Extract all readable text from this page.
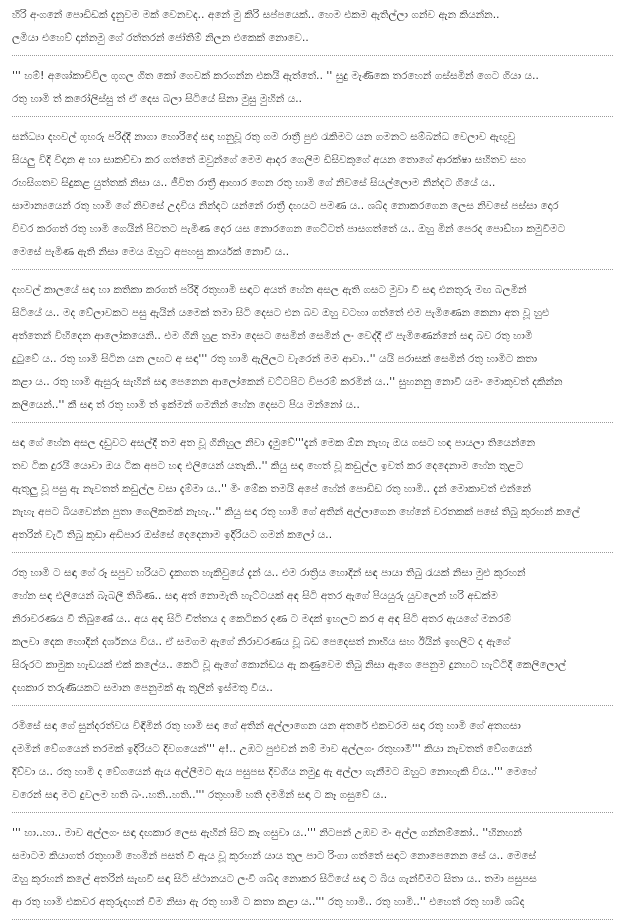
හිරි අංගනේ පොඩිඩක් දැනුවම මක් වෙනවද.. අනේ මු කිරි සප්පයෙක්.. හෙම එකම ඇතිල්ලා ගන්ව ඇන කියන්න..
ලමියා එහෙව් දාන්නමු ගේ රත්තරන් ජෝතිම් නිලන එකෙක් නොවෙ..
''' හම්! අශෝකාචිවිල ගුගල ගිත කෝ ගෙවක් කරගන්න එකයි ඇත්තේ.. '' සුදු මැණිකෙ තරහෙන් ගස්සමින් ගෙට ගියා ය..
රතු හාමි ත් කරෝලිස්සු ත් ඒ දෙස බලා සිටියේ සිනා මුසු මුහින් ය..
සන්ධ්‍යා දහවල් ගුහරු පරිද්දී නාගා හොරිදේ සඳා හනුවූ රතු ගම රාත්‍රී පුළු රැකිමට යන ගමනට සම්බන්ධ වෙලාව ඇඟුවු
සියලු විදි විදාන අ හා සාකච්චා කර ගත්තේ ඔවුන්ගේ මෙම ආදර ගෙලිම ඩිසිවකුගේ අයන තොගේ ආරක්ෂා සහිතව සහ
රහසිගතව සිදුකළ යුත්තක් නිසා ය.. ජීවිත රාත්‍රී ආහාර ගෙන රතු හාමි ගේ නිවසේ සියල්ලොම නින්දට ගියේ ය..
සාමාන්‍යයෙන් රතු හාමි ගේ නිවසේ උදවිය නින්දට යන්නේ රාත්‍රී දහයට පමණ ය.. ශබ්ද නොකරගෙන ලෙස නිවසේ පස්සා දොර
විවර කරගත් රතු හාමි ගෙයින් පිටතට පැමිණ දොර යස නොරගෙන ගෙට්ටත් පාසගත්තේ ය.. ඔහු මින් පෙරද පොඩ්හා කමුවීමට
මෙසේ පැමිණ ඇති නිසා මෙය ඔහුට අපහසු කාර්යක් නොවී ය..
දහවල් කාලයේ සඳා හා කතිකා කරගත් පරිදි රතුහාමි සඳාට අයත් හේන අසල ඇති ගසට මුවා වී සඳා එනතුරු මඟ බලමින්
සිටියේ ය.. මද වේලාවකට පසු ඇයින් යමෙක් තමා සිටි දෙසට එන බව ඔහු වටහා ගත්තේ එම පැමිණෙන කෙනා අත වූ හුළු
අත්තෙන් විහිදෙන ආලෝකයෙනි.. එම ගිනි හුළ තමා දෙසට සෙමින් සෙමින් ලං වෙද්දී ඒ පැමිණෙන්නේ සඳා බව රතු හාමි
දුටුවේ ය.. රතු හාමි සිටින යන ලඟට අ සඳා''' රතු හාමි ඇලිලට වැරෙන් මම ආවා..'' යයි පරාසක් සෙමින් රතු හාමිට කතා
කළා ය.. රතු හාමි ඇසුරු සැහින් සඳා පෙනෙන ආලෝකෙන් වට්ටපිට විපරම් කරමින් ය..'' සුහනනු නොවී යමං මොකුවත් දකින්න
කලියෙන්..'' කී සඳා ත් රතු හාමි ත් ඉක්මන් ගමනින් හේන දෙසට පිය මන්නෝ ය..
සඳා ගේ හේන අසල දඩුවට අසල්දී තම අත වූ ගිනිහුල නිවා දැමුවේ'''දැන් මෙක ඕන නැහැ ඔය ගසට හඳ පායලා තියෙන්නෙ
තව ටික දුරයි යොවා ඔය ටික අපට හඳ එලියෙන් යතැකි..'' කියු සඳා හෙත් වූ කඩුල්ල ඉවත් කර දෙදෙනාම හේන තුළට
ඇතුලු වූ පසු ඇ නැවතත් කඩුල්ල වසා දැම්මා ය..'' මිං මේක තමයි අපේ හේන් පොඩිඩ රතු හාමි.. දැන් මොකාවත් එන්නේ
නැහැ අපට බියවෙන්න පුතා ගෙලිකමක් නැහැ..'' කියු සඳා රතු හාමි ගේ අතින් අල්ලාගෙන හේනේ වරතකක් පසේ තිබු කුරහන් කලේ
අතරින් වැටී තිබු කුඩා අඩිපාර ඔස්සේ දෙදෙනාම ඉදිරියට ගමන් කලෝ ය..
රතු හාමි ට සඳා ගේ රූ සපුව හරියට දැකගත හැකිවුයේ දැන් ය.. එම රාත්‍රිය හොදින් සඳ පායා තිබු රැයක් නිසා මුළු කුරහන්
හේන සඳ එලියෙන් බැබලී තිබිණ.. සඳා අත් නොමැති හැට්ටයක් අඳ සිටි අතර ඇගේ පියයුරු යුවලෙන් හරි අඩක්ම
නිරාවරණය වී තිබුණේ ය.. අය අඳ සිටි චීත්තය ද කෙටිකර දණ ට මදක් ඉහලට කර අ අඳ සිටි අතර ඇයගේ මනරම්
කලවා දෙක හොදින් දර්ශනය විය.. ඒ සමගම ඇගේ නිරාවරණය වූ බඩ පෙදෙසත් නාභිය සහ ඊයින් ඉහලිට ද ඇගේ
සිරුරට කාමුක හැඩයක් එක් කලේය.. කෙටි වූ ඇගේ කොන්ඩය ඇ කණුවෙම තිබු නිසා ඇගෙ පෙනුම දුනහට හැට්ටිදී කෙලිලොල්
දඟකාර තරුණියකට සමාන පෙනුමක් ඇ තුලින් ඉස්මතු වීය..
රමිසේ සඳා ගේ සුන්දරත්වය විඳිමින් රතු හාමි සඳා ගේ අතින් අල්ලාගෙන යන අතරේ එකවරම සඳා රතු හාමි ගේ අතගසා
දමමින් වේගයෙන් තරමක් ඉදිරියට දිවගයෙන්''' අ!.. උඹට පුළුවන් නම් මාව අල්ලගං රතුහාමී''' කියා නැවතත් වේගයෙන්
දිව්වා ය.. රතු හාමි ද වේගයෙන් ඇය අල්ලීමට ඇය පසුපස දිවගිය නමුදු ඇ අල්ලා ගැනීමට ඔහුට නොහැකි විය..''' මෙහේ
වරෙන් සඳා මට දුවලම හති බං..හති..හති..''' රතුහාමි හති දමමින් සඳා ට කෑ ගසුවේ ය..
''' හා..හා.. මාව අල්ලගං සඳා දඟකාර ලෙස ඇහින් සිට කෑ ගසුවා ය..''' නිටපන් උඹව මං අල්ල ගන්නම්කෝ.. ''හිනහන්
සමාටම කියාගත් රතුහාමි හෙමින් පසත් වී ඇය වූ කුරහන් යාය තුල පාට රිංගා ගත්තේ සඳාට නොපෙනෙන සේ ය.. මෙසේ
ඔහු කුරහන් කලේ අතරින් සැඟවී සඳා සිටි ස්ථානයට ලංවී ශබ්ද නොකර සිටියේ සඳා ට බිය ගැන්වීමට සිතා ය.. තමා පසුපස
ආ රතු හාමි එකවර අතුරුදහන් වීම නිසා ඇ රතු හාමි ට කතා කළා ය..''' රතු හාමි.. රතු හාමි..'' එහෙත් රතු හාමි ශබ්ද
